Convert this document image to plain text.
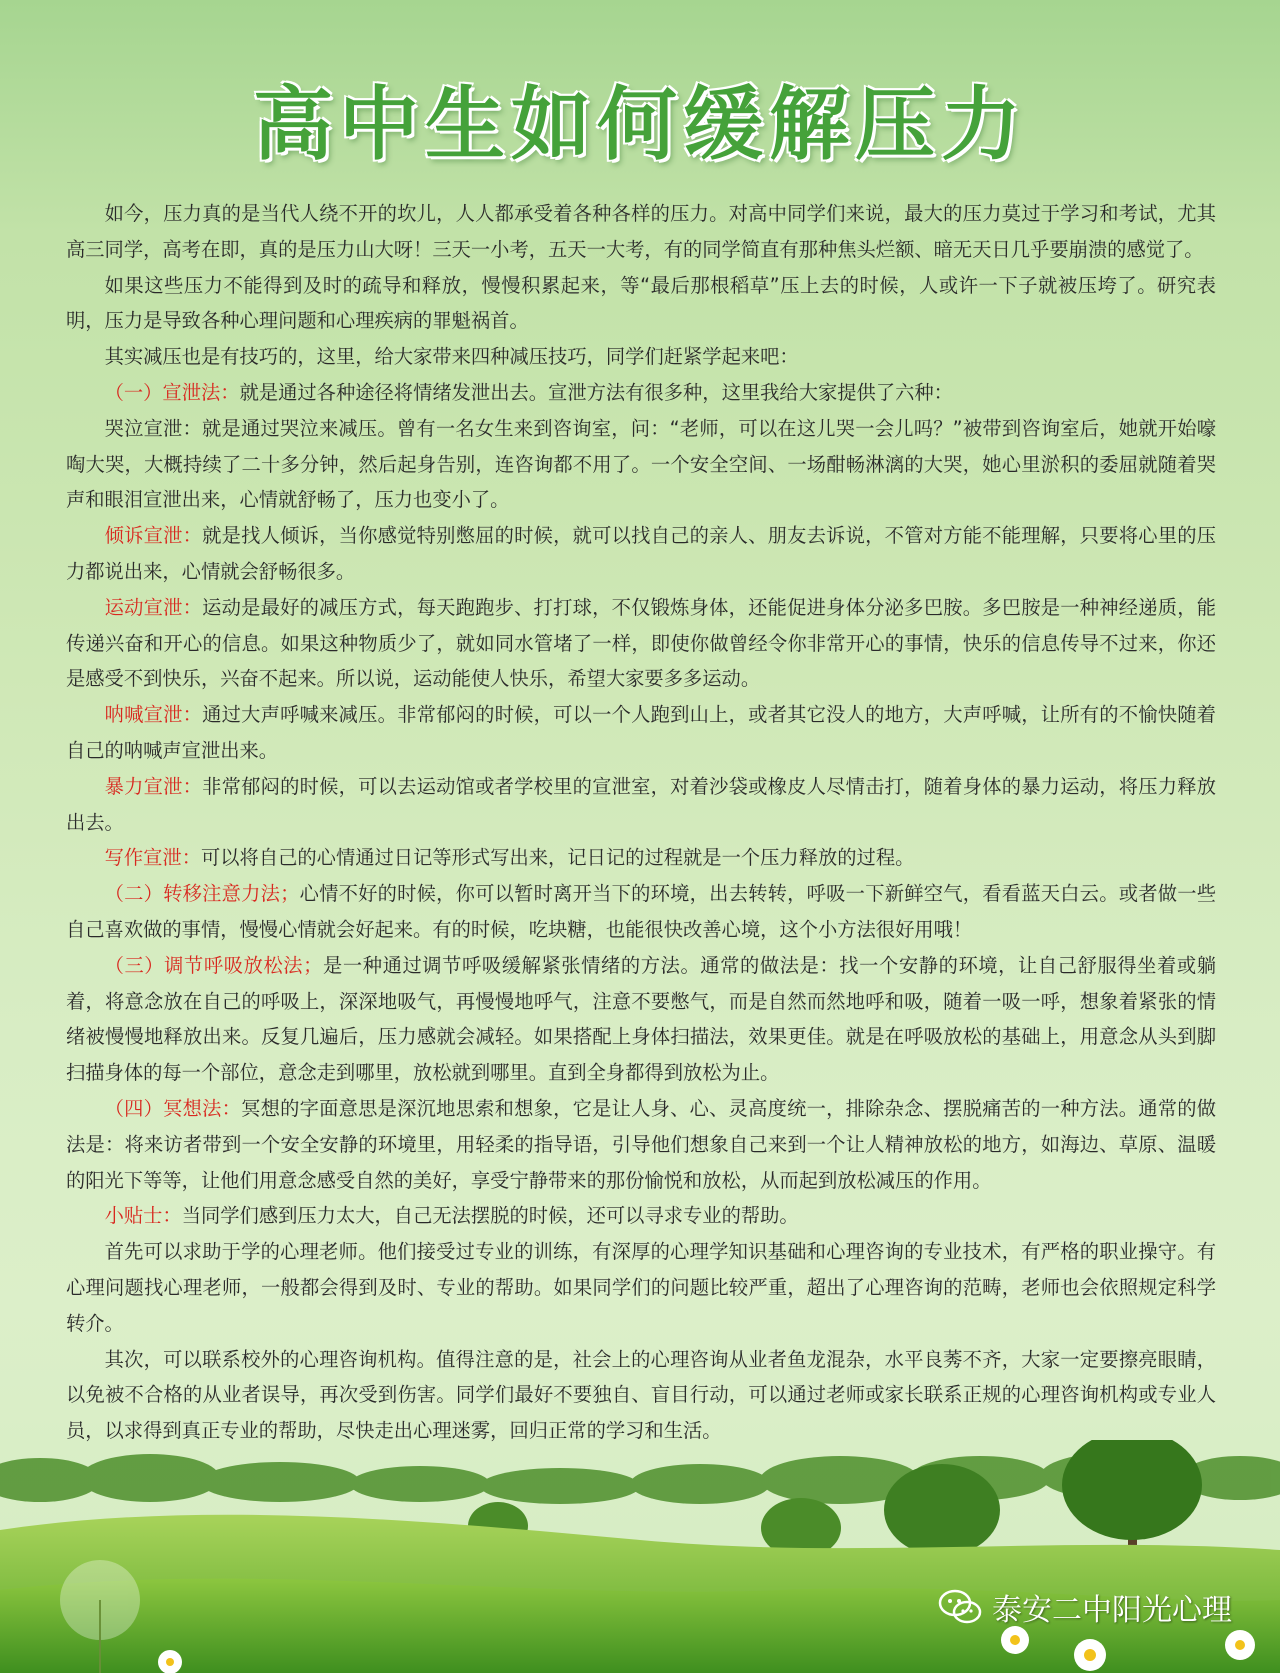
高中生如何缓解压力

如今，压力真的是当代人绕不开的坎儿，人人都承受着各种各样的压力。对高中同学们来说，最大的压力莫过于学习和考试，尤其高三同学，高考在即，真的是压力山大呀！三天一小考，五天一大考，有的同学简直有那种焦头烂额、暗无天日几乎要崩溃的感觉了。

如果这些压力不能得到及时的疏导和释放，慢慢积累起来，等“最后那根稻草”压上去的时候，人或许一下子就被压垮了。研究表明，压力是导致各种心理问题和心理疾病的罪魁祸首。

其实减压也是有技巧的，这里，给大家带来四种减压技巧，同学们赶紧学起来吧：

（一）宣泄法：就是通过各种途径将情绪发泄出去。宣泄方法有很多种，这里我给大家提供了六种：

哭泣宣泄：就是通过哭泣来减压。曾有一名女生来到咨询室，问：“老师，可以在这儿哭一会儿吗？”被带到咨询室后，她就开始嚎啕大哭，大概持续了二十多分钟，然后起身告别，连咨询都不用了。一个安全空间、一场酣畅淋漓的大哭，她心里淤积的委屈就随着哭声和眼泪宣泄出来，心情就舒畅了，压力也变小了。

倾诉宣泄：就是找人倾诉，当你感觉特别憋屈的时候，就可以找自己的亲人、朋友去诉说，不管对方能不能理解，只要将心里的压力都说出来，心情就会舒畅很多。

运动宣泄：运动是最好的减压方式，每天跑跑步、打打球，不仅锻炼身体，还能促进身体分泌多巴胺。多巴胺是一种神经递质，能传递兴奋和开心的信息。如果这种物质少了，就如同水管堵了一样，即使你做曾经令你非常开心的事情，快乐的信息传导不过来，你还是感受不到快乐，兴奋不起来。所以说，运动能使人快乐，希望大家要多多运动。

呐喊宣泄：通过大声呼喊来减压。非常郁闷的时候，可以一个人跑到山上，或者其它没人的地方，大声呼喊，让所有的不愉快随着自己的呐喊声宣泄出来。

暴力宣泄：非常郁闷的时候，可以去运动馆或者学校里的宣泄室，对着沙袋或橡皮人尽情击打，随着身体的暴力运动，将压力释放出去。

写作宣泄：可以将自己的心情通过日记等形式写出来，记日记的过程就是一个压力释放的过程。

（二）转移注意力法；心情不好的时候，你可以暂时离开当下的环境，出去转转，呼吸一下新鲜空气，看看蓝天白云。或者做一些自己喜欢做的事情，慢慢心情就会好起来。有的时候，吃块糖，也能很快改善心境，这个小方法很好用哦！

（三）调节呼吸放松法；是一种通过调节呼吸缓解紧张情绪的方法。通常的做法是：找一个安静的环境，让自己舒服得坐着或躺着，将意念放在自己的呼吸上，深深地吸气，再慢慢地呼气，注意不要憋气，而是自然而然地呼和吸，随着一吸一呼，想象着紧张的情绪被慢慢地释放出来。反复几遍后，压力感就会减轻。如果搭配上身体扫描法，效果更佳。就是在呼吸放松的基础上，用意念从头到脚扫描身体的每一个部位，意念走到哪里，放松就到哪里。直到全身都得到放松为止。

（四）冥想法：冥想的字面意思是深沉地思索和想象，它是让人身、心、灵高度统一，排除杂念、摆脱痛苦的一种方法。通常的做法是：将来访者带到一个安全安静的环境里，用轻柔的指导语，引导他们想象自己来到一个让人精神放松的地方，如海边、草原、温暖的阳光下等等，让他们用意念感受自然的美好，享受宁静带来的那份愉悦和放松，从而起到放松减压的作用。

小贴士：当同学们感到压力太大，自己无法摆脱的时候，还可以寻求专业的帮助。

首先可以求助于学的心理老师。他们接受过专业的训练，有深厚的心理学知识基础和心理咨询的专业技术，有严格的职业操守。有心理问题找心理老师，一般都会得到及时、专业的帮助。如果同学们的问题比较严重，超出了心理咨询的范畴，老师也会依照规定科学转介。

其次，可以联系校外的心理咨询机构。值得注意的是，社会上的心理咨询从业者鱼龙混杂，水平良莠不齐，大家一定要擦亮眼睛，以免被不合格的从业者误导，再次受到伤害。同学们最好不要独自、盲目行动，可以通过老师或家长联系正规的心理咨询机构或专业人员，以求得到真正专业的帮助，尽快走出心理迷雾，回归正常的学习和生活。

泰安二中阳光心理
